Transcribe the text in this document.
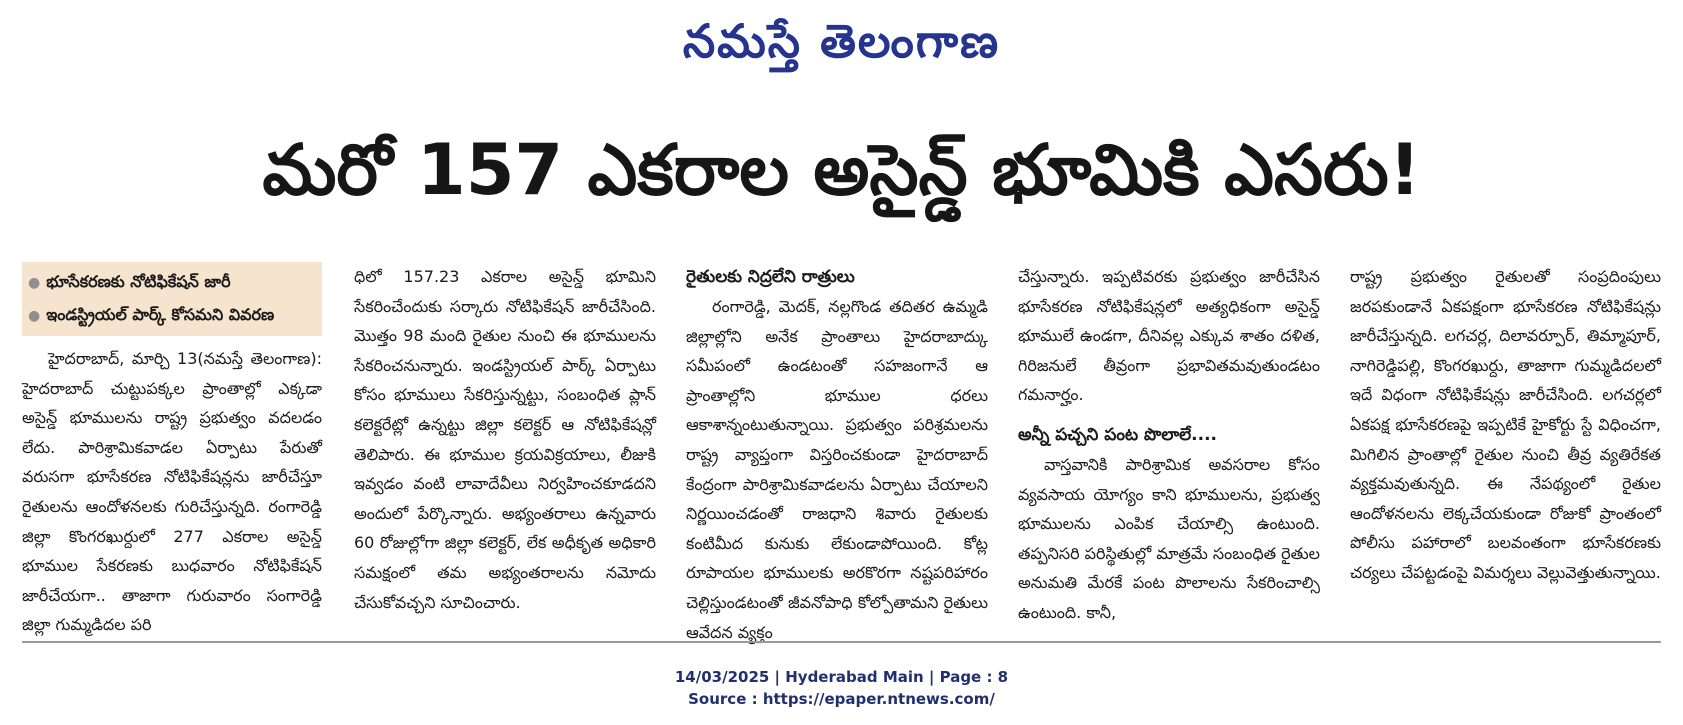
నమస్తే తెలంగాణ
మరో 157 ఎకరాల అసైన్డ్ భూమికి ఎసరు!
● భూసేకరణకు నోటిఫికేషన్ జారీ
● ఇండస్ట్రియల్ పార్క్ కోసమని వివరణ

హైదరాబాద్, మార్చి 13(నమస్తే తెలంగాణ): హైదరాబాద్ చుట్టుపక్కల ప్రాంతాల్లో ఎక్కడా అసైన్డ్ భూములను రాష్ట్ర ప్రభుత్వం వదలడం లేదు. పారిశ్రామికవాడల ఏర్పాటు పేరుతో వరుసగా భూసేకరణ నోటిఫికేషన్లను జారీచేస్తూ రైతులను ఆందోళనలకు గురిచేస్తున్నది. రంగారెడ్డి జిల్లా కొంగరఖుర్దులో 277 ఎకరాల అసైన్డ్ భూముల సేకరణకు బుధవారం నోటిఫికేషన్ జారీచేయగా.. తాజాగా గురువారం సంగారెడ్డి జిల్లా గుమ్మడిదల పరి

ధిలో 157.23 ఎకరాల అసైన్డ్ భూమిని సేకరించేందుకు సర్కారు నోటిఫికేషన్ జారీచేసింది. మొత్తం 98 మంది రైతుల నుంచి ఈ భూములను సేకరించనున్నారు. ఇండస్ట్రియల్ పార్క్ ఏర్పాటు కోసం భూములు సేకరిస్తున్నట్టు, సంబంధిత ప్లాన్ కలెక్టరేట్లో ఉన్నట్టు జిల్లా కలెక్టర్ ఆ నోటిఫికేషన్లో తెలిపారు. ఈ భూముల క్రయవిక్రయాలు, లీజుకి ఇవ్వడం వంటి లావాదేవీలు నిర్వహించకూడదని అందులో పేర్కొన్నారు. అభ్యంతరాలు ఉన్నవారు 60 రోజుల్లోగా జిల్లా కలెక్టర్, లేక అధీకృత అధికారి సమక్షంలో తమ అభ్యంతరాలను నమోదు చేసుకోవచ్చని సూచించారు.

రైతులకు నిద్రలేని రాత్రులు

రంగారెడ్డి, మెదక్, నల్లగొండ తదితర ఉమ్మడి జిల్లాల్లోని అనేక ప్రాంతాలు హైదరాబాద్కు సమీపంలో ఉండటంతో సహజంగానే ఆ ప్రాంతాల్లోని భూముల ధరలు ఆకాశాన్నంటుతున్నాయి. ప్రభుత్వం పరిశ్రమలను రాష్ట్ర వ్యాప్తంగా విస్తరించకుండా హైదరాబాద్ కేంద్రంగా పారిశ్రామికవాడలను ఏర్పాటు చేయాలని నిర్ణయించడంతో రాజధాని శివారు రైతులకు కంటిమీద కునుకు లేకుండాపోయింది. కోట్ల రూపాయల భూములకు అరకొరగా నష్టపరిహారం చెల్లిస్తుండటంతో జీవనోపాధి కోల్పోతామని రైతులు ఆవేదన వ్యక్తం

చేస్తున్నారు. ఇప్పటివరకు ప్రభుత్వం జారీచేసిన భూసేకరణ నోటిఫికేషన్లలో అత్యధికంగా అసైన్డ్ భూములే ఉండగా, దీనివల్ల ఎక్కువ శాతం దళిత, గిరిజనులే తీవ్రంగా ప్రభావితమవుతుండటం గమనార్హం.

అన్నీ పచ్చని పంట పొలాలే....

వాస్తవానికి పారిశ్రామిక అవసరాల కోసం వ్యవసాయ యోగ్యం కాని భూములను, ప్రభుత్వ భూములను ఎంపిక చేయాల్సి ఉంటుంది. తప్పనిసరి పరిస్థితుల్లో మాత్రమే సంబంధిత రైతుల అనుమతి మేరకే పంట పొలాలను సేకరించాల్సి ఉంటుంది. కానీ,

రాష్ట్ర ప్రభుత్వం రైతులతో సంప్రదింపులు జరపకుండానే ఏకపక్షంగా భూసేకరణ నోటిఫికేషన్లు జారీచేస్తున్నది. లగచర్ల, దిలావర్పూర్, తిమ్మాపూర్, నాగిరెడ్డిపల్లి, కొంగరఖుర్దు, తాజాగా గుమ్మడిదలలో ఇదే విధంగా నోటిఫికేషన్లు జారీచేసింది. లగచర్లలో ఏకపక్ష భూసేకరణపై ఇప్పటికే హైకోర్టు స్టే విధించగా, మిగిలిన ప్రాంతాల్లో రైతుల నుంచి తీవ్ర వ్యతిరేకత వ్యక్తమవుతున్నది. ఈ నేపథ్యంలో రైతుల ఆందోళనలను లెక్కచేయకుండా రోజుకో ప్రాంతంలో పోలీసు పహారాలో బలవంతంగా భూసేకరణకు చర్యలు చేపట్టడంపై విమర్శలు వెల్లువెత్తుతున్నాయి.

14/03/2025 | Hyderabad Main | Page : 8
Source : https://epaper.ntnews.com/
